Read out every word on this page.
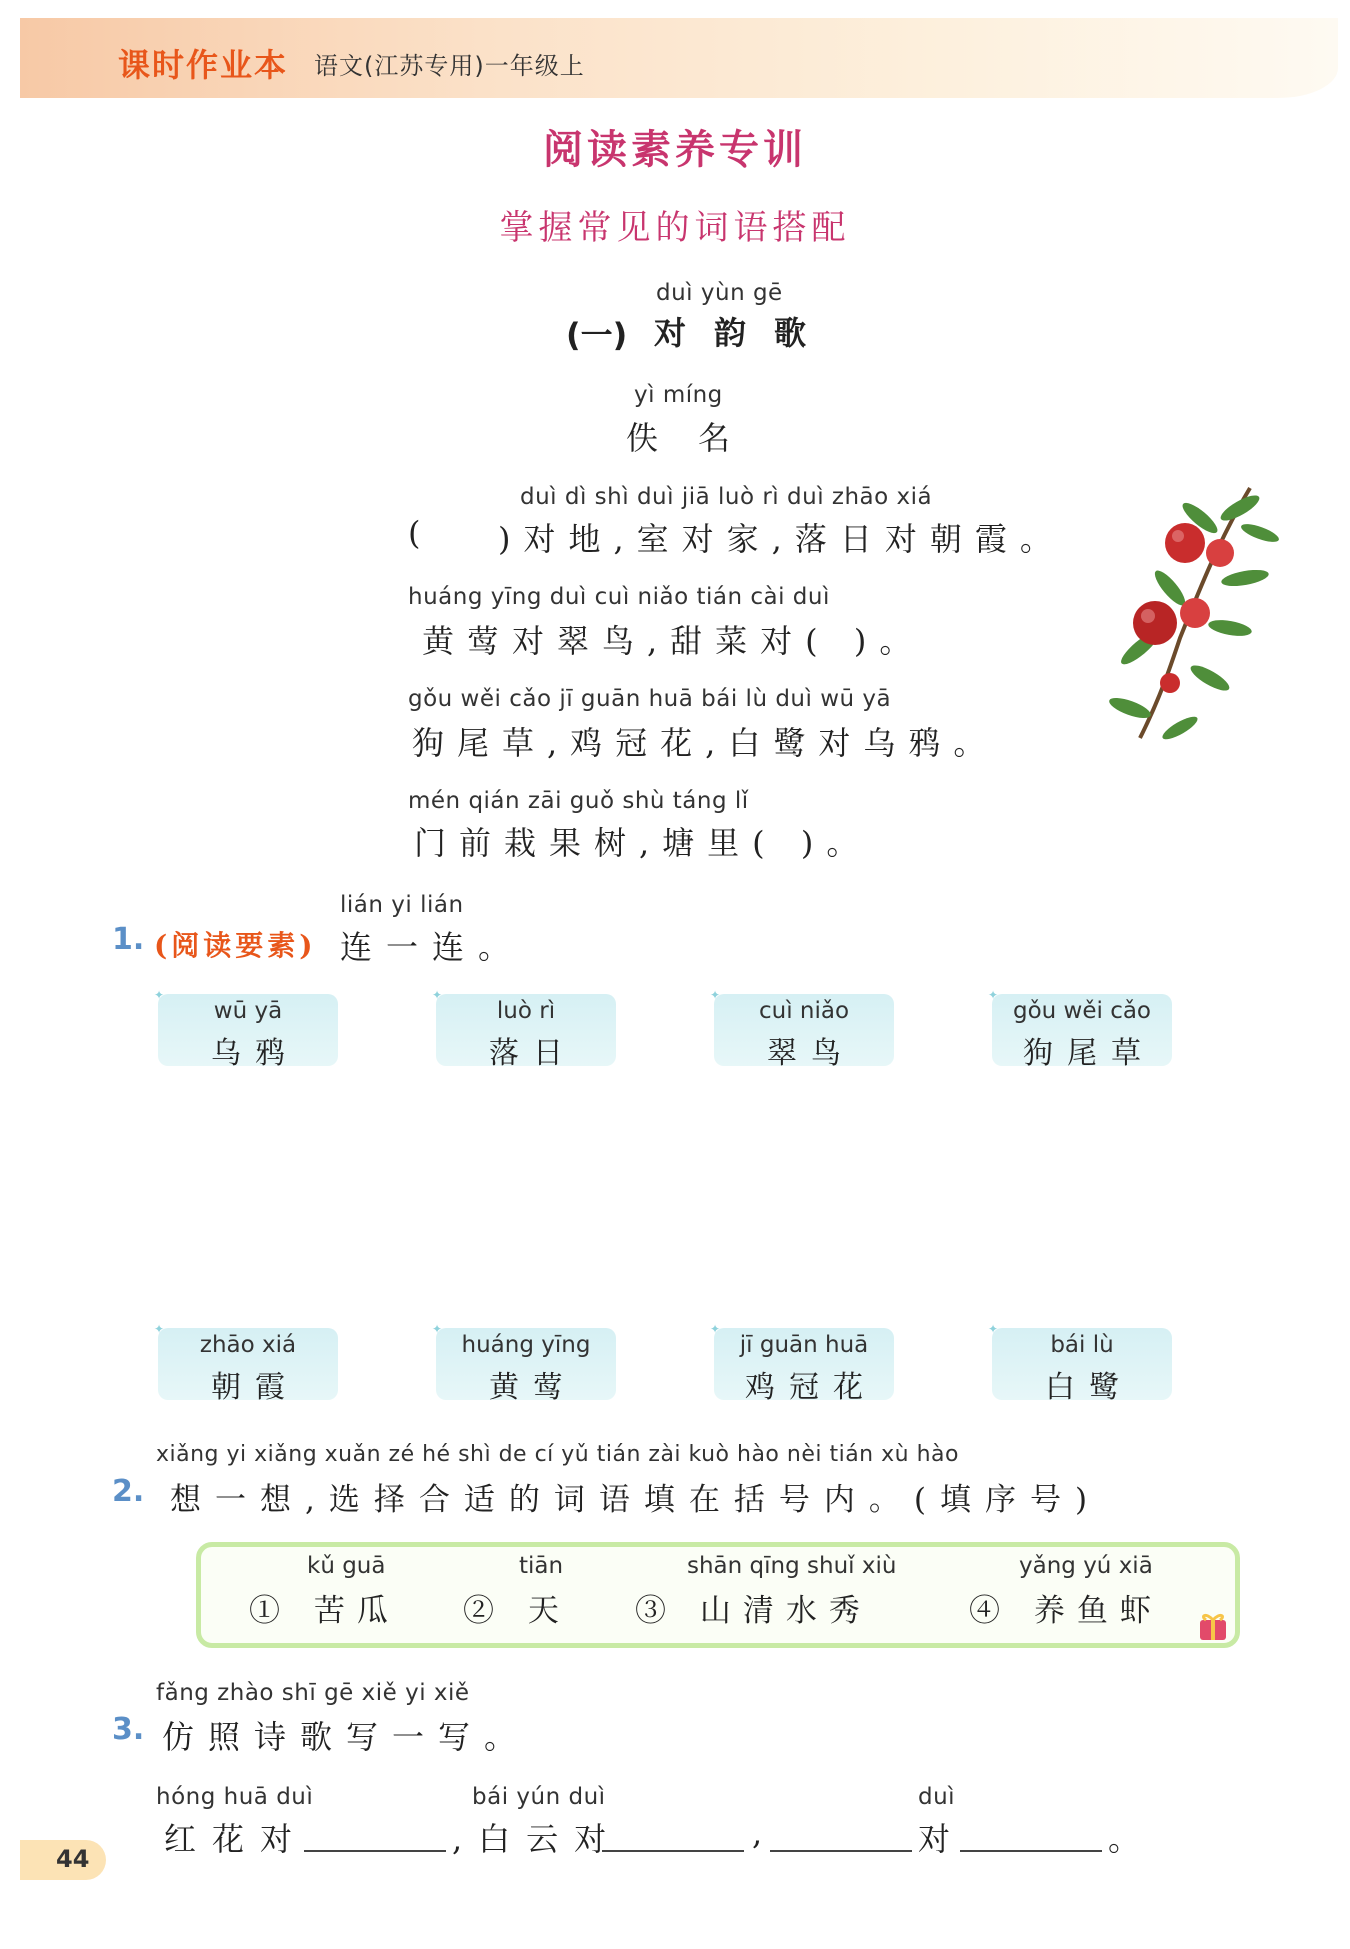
课时作业本 语文(江苏专用)一年级上
阅读素养专训
掌握常见的词语搭配
duì yùn gē
(一) 对韵歌
yì míng
佚名
duì dì shì duì jiā luò rì duì zhāo xiá
( )对地,室对家,落日对朝霞。
huáng yīng duì cuì niǎo tián cài duì
黄莺对翠鸟,甜菜对( )。
gǒu wěi cǎo jī guān huā bái lù duì wū yā
狗尾草,鸡冠花,白鹭对乌鸦。
mén qián zāi guǒ shù táng lǐ
门前栽果树,塘里( )。
lián yi lián
1. (阅读要素) 连一连。
✦
wū yā
乌鸦
✦
luò rì
落日
✦
cuì niǎo
翠鸟
✦
gǒu wěi cǎo
狗尾草
✦
zhāo xiá
朝霞
✦
huáng yīng
黄莺
✦
jī guān huā
鸡冠花
✦
bái lù
白鹭
xiǎng yi xiǎng xuǎn zé hé shì de cí yǔ tián zài kuò hào nèi tián xù hào
2. 想一想,选择合适的词语填在括号内。(填序号)
kǔ guā
① 苦瓜
tiān
② 天
shān qīng shuǐ xiù
③ 山清水秀
yǎng yú xiā
④ 养鱼虾
fǎng zhào shī gē xiě yi xiě
3. 仿照诗歌写一写。
hóng huā duì
红花对
bái yún duì
,白云对	,
duì
对	。
44
